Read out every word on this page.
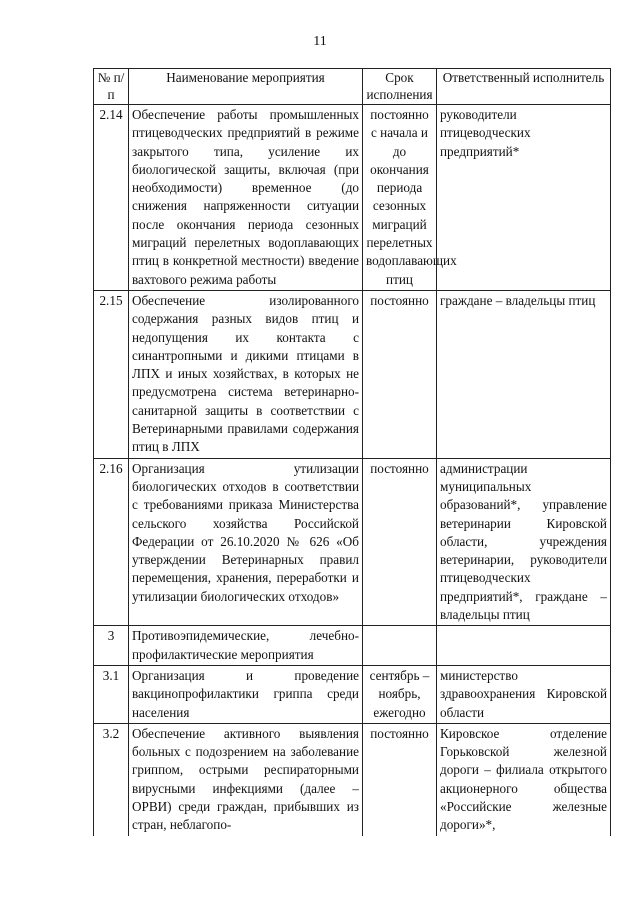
11
№ п/п	Наименование мероприятия	Срок исполнения	Ответственный исполнитель
2.14	Обеспечение работы промышленных птицеводческих предприятий в режиме закрытого типа, усиление их биологической защиты, включая (при необходимости) временное (до снижения напряженности ситуации после окончания периода сезонных миграций перелетных водоплавающих птиц в конкретной местности) введение вахтового режима работы	постоянно с начала и до окончания периода сезонных миграций перелетных водоплавающих птиц	руководители птицеводческих предприятий*
2.15	Обеспечение изолированного содержания разных видов птиц и недопущения их контакта с синантропными и дикими птицами в ЛПХ и иных хозяйствах, в которых не предусмотрена система ветеринарно-санитарной защиты в соответствии с Ветеринарными правилами содержания птиц в ЛПХ	постоянно	граждане – владельцы птиц
2.16	Организация утилизации биологических отходов в соответствии с требованиями приказа Министерства сельского хозяйства Российской Федерации от 26.10.2020 № 626 «Об утверждении Ветеринарных правил перемещения, хранения, переработки и утилизации биологических отходов»	постоянно	администрации муниципальных образований*, управление ветеринарии Кировской области, учреждения ветеринарии, руководители птицеводческих предприятий*, граждане – владельцы птиц
3	Противоэпидемические, лечебно-профилактические мероприятия		
3.1	Организация и проведение вакцинопрофилактики гриппа среди населения	сентябрь – ноябрь, ежегодно	министерство здравоохранения Кировской области
3.2	Обеспечение активного выявления больных с подозрением на заболевание гриппом, острыми респираторными вирусными инфекциями (далее – ОРВИ) среди граждан, прибывших из стран, неблагопо-	постоянно	Кировское отделение Горьковской железной дороги – филиала открытого акционерного общества «Российские железные дороги»*,
